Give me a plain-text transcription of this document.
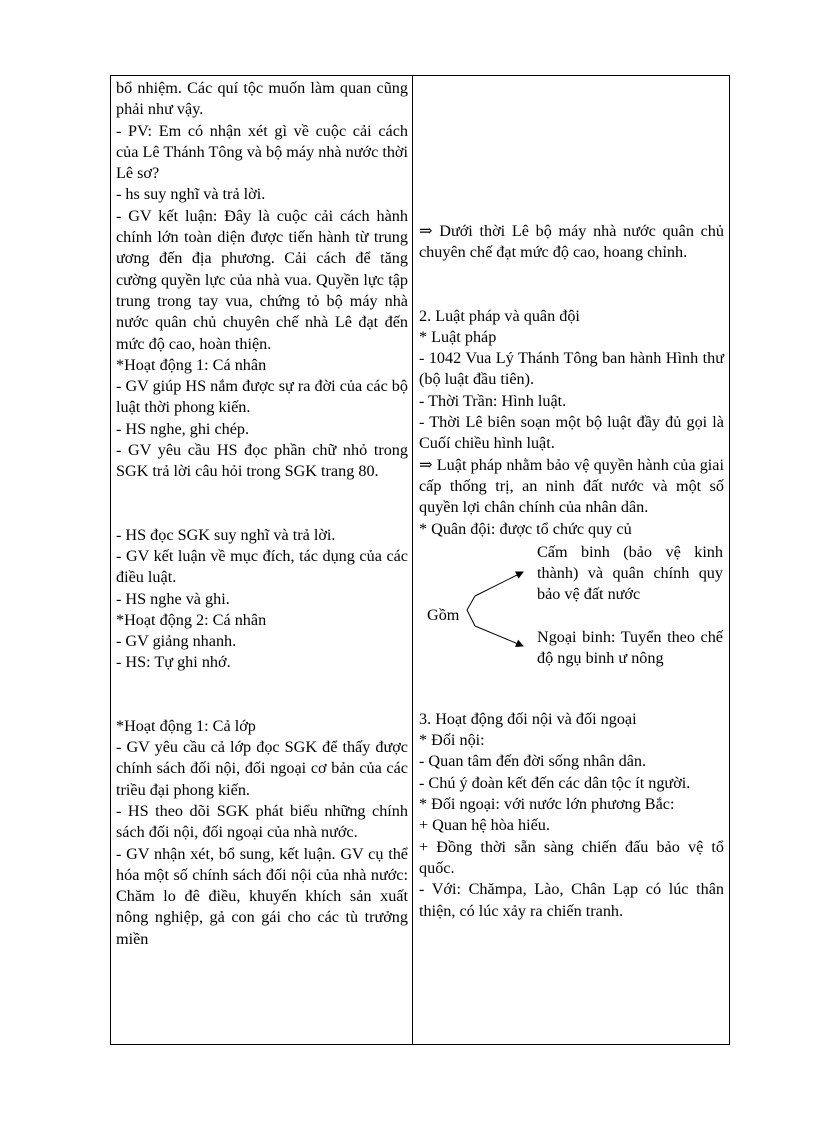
bổ nhiệm. Các quí tộc muốn làm quan cũng phải như vậy.
- PV: Em có nhận xét gì về cuộc cải cách của Lê Thánh Tông và bộ máy nhà nước thời Lê sơ?
- hs suy nghĩ và trả lời.
- GV kết luận: Đây là cuộc cải cách hành chính lớn toàn diện được tiến hành từ trung ương đến địa phương. Cải cách để tăng cường quyền lực của nhà vua. Quyền lực tập trung trong tay vua, chứng tỏ bộ máy nhà nước quân chủ chuyên chế nhà Lê đạt đến mức độ cao, hoàn thiện.
*Hoạt động 1: Cá nhân
- GV giúp HS nắm được sự ra đời của các bộ luật thời phong kiến.
- HS nghe, ghi chép.
- GV yêu cầu HS đọc phần chữ nhỏ trong SGK trả lời câu hỏi trong SGK trang 80.
- HS đọc SGK suy nghĩ và trả lời.
- GV kết luận về mục đích, tác dụng của các điều luật.
- HS nghe và ghi.
*Hoạt động 2: Cá nhân
- GV giảng nhanh.
- HS: Tự ghi nhớ.
*Hoạt động 1: Cả lớp
- GV yêu cầu cả lớp đọc SGK để thấy được chính sách đối nội, đối ngoại cơ bản của các triều đại phong kiến.
- HS theo dõi SGK phát biểu những chính sách đối nội, đối ngoại của nhà nước.
- GV nhận xét, bổ sung, kết luận. GV cụ thể hóa một số chính sách đối nội của nhà nước: Chăm lo đê điều, khuyến khích sản xuất nông nghiệp, gả con gái cho các tù trưởng miền
⇒ Dưới thời Lê bộ máy nhà nước quân chủ chuyên chế đạt mức độ cao, hoang chỉnh.
2. Luật pháp và quân đội
* Luật pháp
- 1042 Vua Lý Thánh Tông ban hành Hình thư (bộ luật đầu tiên).
- Thời Trần: Hình luật.
- Thời Lê biên soạn một bộ luật đầy đủ gọi là Cuốí chiều hình luật.
⇒ Luật pháp nhằm bảo vệ quyền hành của giai cấp thống trị, an ninh đất nước và một số quyền lợi chân chính của nhân dân.
* Quân đội: được tổ chức quy củ
Gồm
Cấm binh (bảo vệ kinh thành) và quân chính quy bảo vệ đất nước
Ngoại binh: Tuyển theo chế độ ngụ binh ư nông
3. Hoạt động đối nội và đối ngoại
* Đối nội:
- Quan tâm đến đời sống nhân dân.
- Chú ý đoàn kết đến các dân tộc ít người.
* Đối ngoại: với nước lớn phương Bắc:
+ Quan hệ hòa hiếu.
+ Đồng thời sẵn sàng chiến đấu bảo vệ tổ quốc.
- Với: Chămpa, Lào, Chân Lạp có lúc thân thiện, có lúc xảy ra chiến tranh.
